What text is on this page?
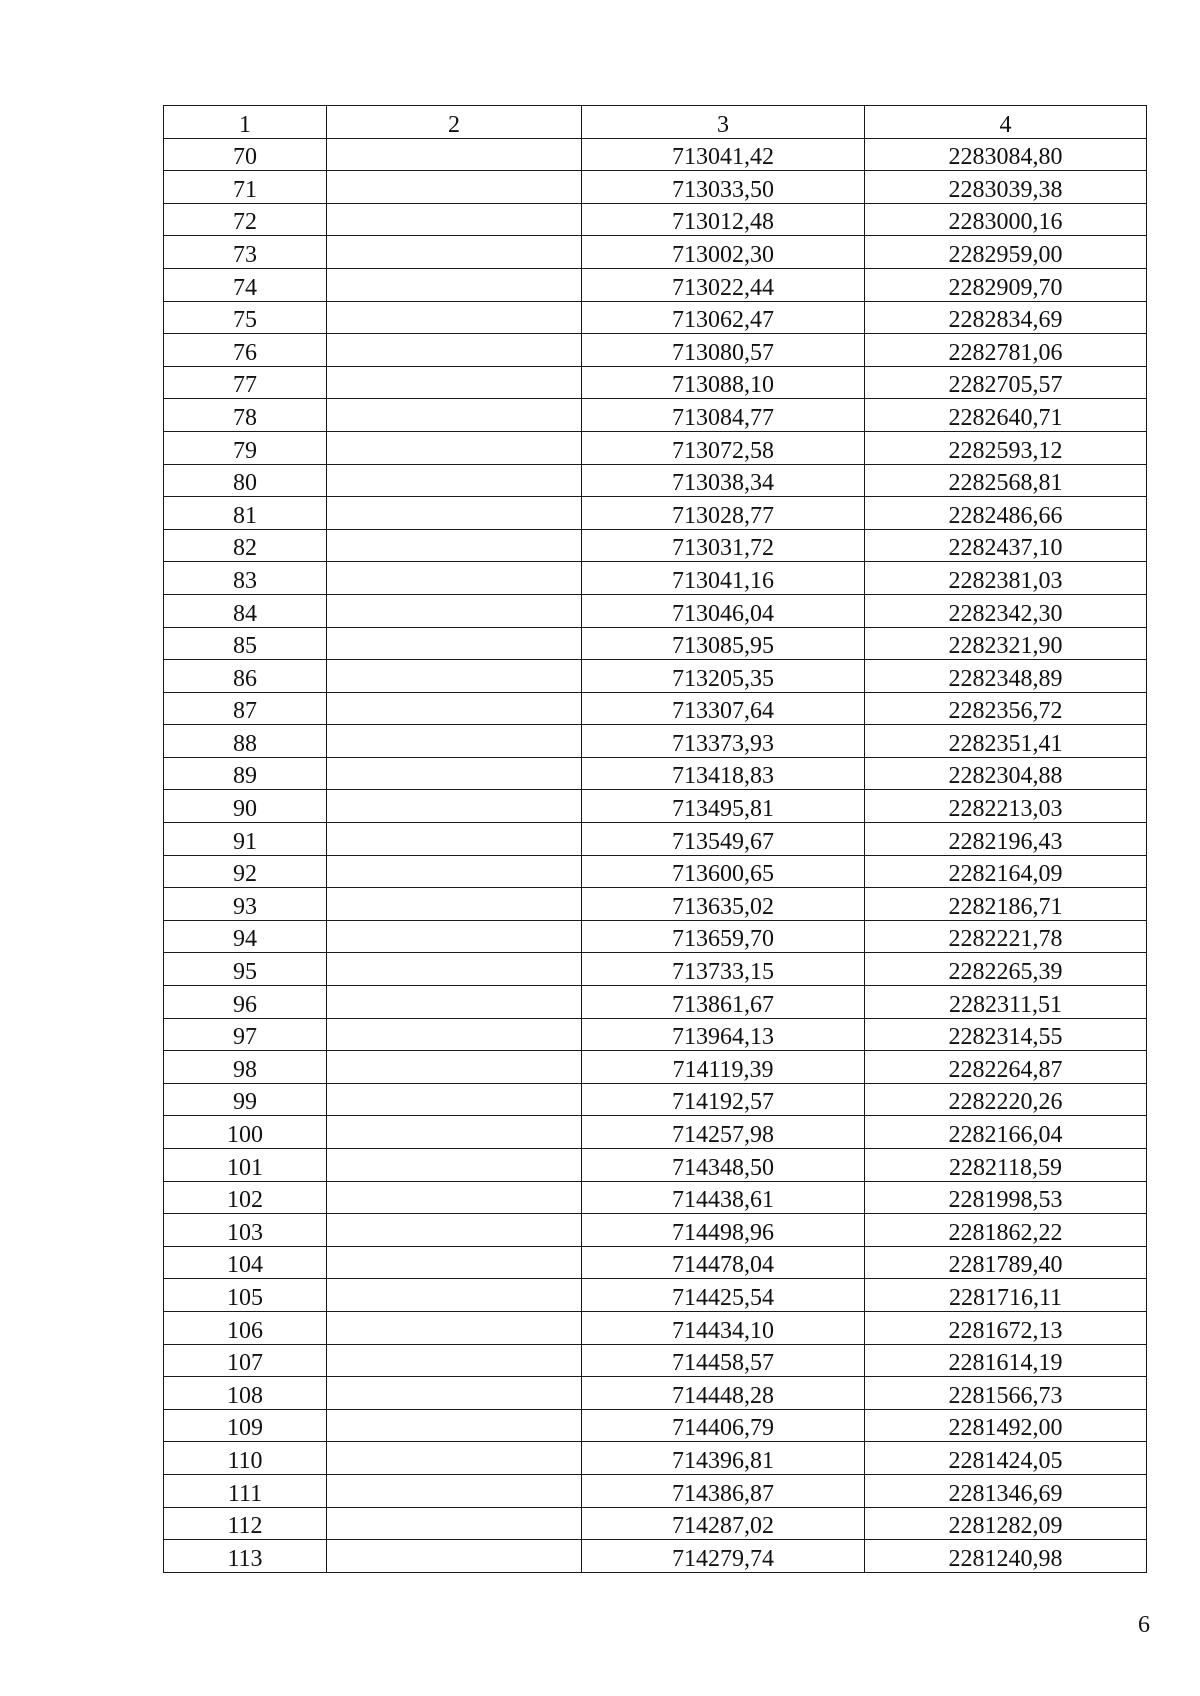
1	2	3	4
70		713041,42	2283084,80
71		713033,50	2283039,38
72		713012,48	2283000,16
73		713002,30	2282959,00
74		713022,44	2282909,70
75		713062,47	2282834,69
76		713080,57	2282781,06
77		713088,10	2282705,57
78		713084,77	2282640,71
79		713072,58	2282593,12
80		713038,34	2282568,81
81		713028,77	2282486,66
82		713031,72	2282437,10
83		713041,16	2282381,03
84		713046,04	2282342,30
85		713085,95	2282321,90
86		713205,35	2282348,89
87		713307,64	2282356,72
88		713373,93	2282351,41
89		713418,83	2282304,88
90		713495,81	2282213,03
91		713549,67	2282196,43
92		713600,65	2282164,09
93		713635,02	2282186,71
94		713659,70	2282221,78
95		713733,15	2282265,39
96		713861,67	2282311,51
97		713964,13	2282314,55
98		714119,39	2282264,87
99		714192,57	2282220,26
100		714257,98	2282166,04
101		714348,50	2282118,59
102		714438,61	2281998,53
103		714498,96	2281862,22
104		714478,04	2281789,40
105		714425,54	2281716,11
106		714434,10	2281672,13
107		714458,57	2281614,19
108		714448,28	2281566,73
109		714406,79	2281492,00
110		714396,81	2281424,05
111		714386,87	2281346,69
112		714287,02	2281282,09
113		714279,74	2281240,98
6
